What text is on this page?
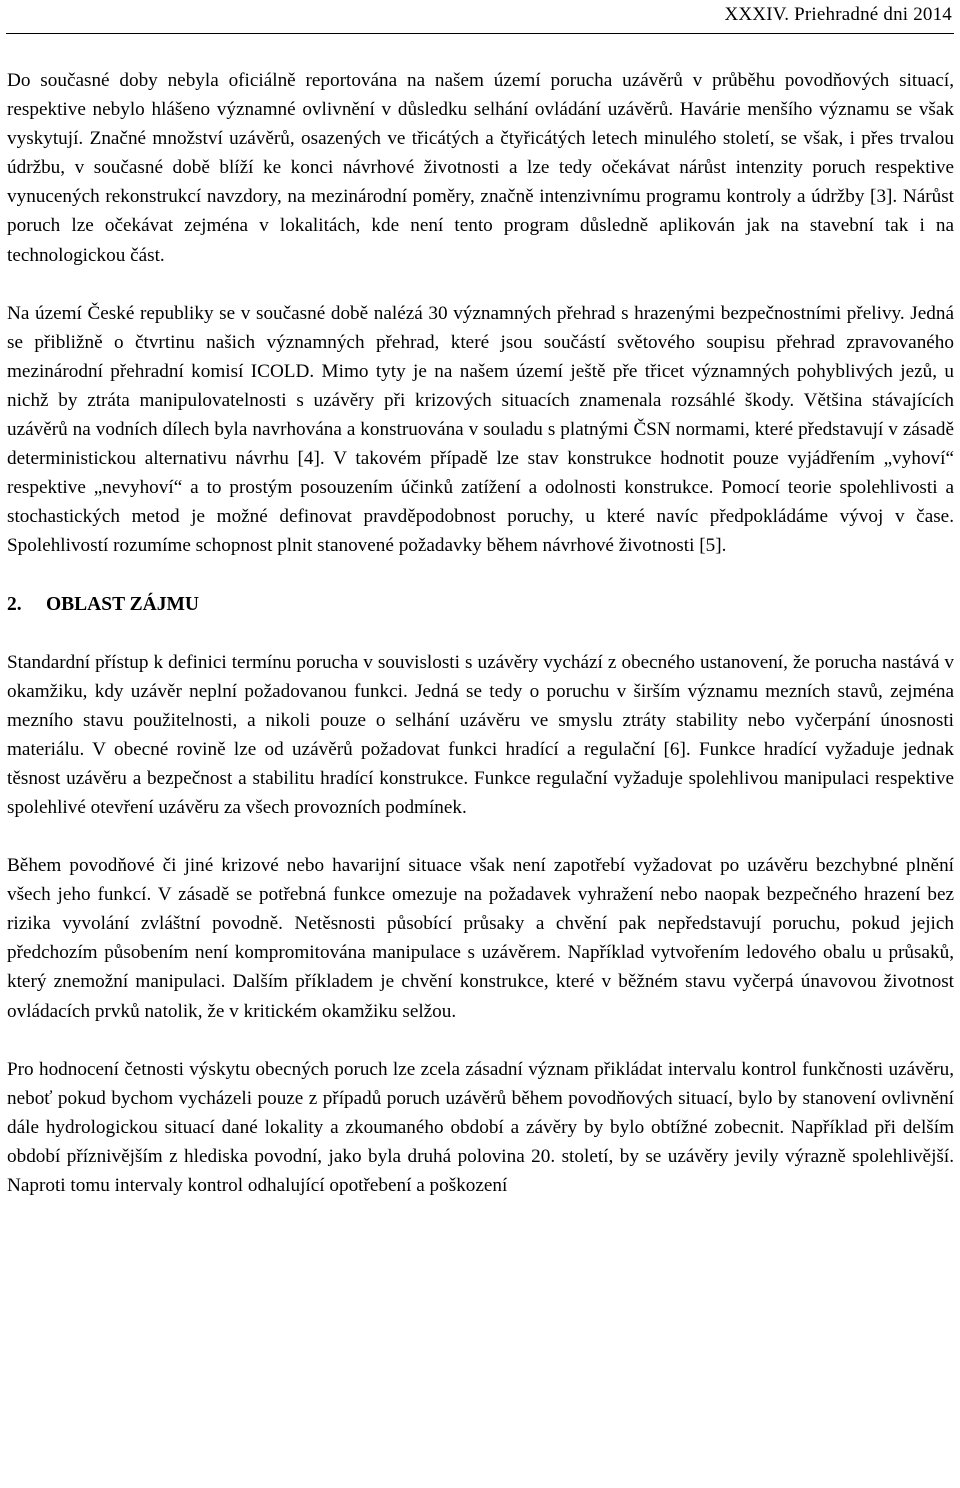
XXXIV. Priehradné dni 2014

Do současné doby nebyla oficiálně reportována na našem území porucha uzávěrů v průběhu povodňových situací, respektive nebylo hlášeno významné ovlivnění v důsledku selhání ovládání uzávěrů. Havárie menšího významu se však vyskytují. Značné množství uzávěrů, osazených ve třicátých a čtyřicátých letech minulého století, se však, i přes trvalou údržbu, v současné době blíží ke konci návrhové životnosti a lze tedy očekávat nárůst intenzity poruch respektive vynucených rekonstrukcí navzdory, na mezinárodní poměry, značně intenzivnímu programu kontroly a údržby [3]. Nárůst poruch lze očekávat zejména v lokalitách, kde není tento program důsledně aplikován jak na stavební tak i na technologickou část.

Na území České republiky se v současné době nalézá 30 významných přehrad s hrazenými bezpečnostními přelivy. Jedná se přibližně o čtvrtinu našich významných přehrad, které jsou součástí světového soupisu přehrad zpravovaného mezinárodní přehradní komisí ICOLD. Mimo tyty je na našem území ještě pře třicet významných pohyblivých jezů, u nichž by ztráta manipulovatelnosti s uzávěry při krizových situacích znamenala rozsáhlé škody. Většina stávajících uzávěrů na vodních dílech byla navrhována a konstruována v souladu s platnými ČSN normami, které představují v zásadě deterministickou alternativu návrhu [4]. V takovém případě lze stav konstrukce hodnotit pouze vyjádřením „vyhoví“ respektive „nevyhoví“ a to prostým posouzením účinků zatížení a odolnosti konstrukce. Pomocí teorie spolehlivosti a stochastických metod je možné definovat pravděpodobnost poruchy, u které navíc předpokládáme vývoj v čase. Spolehlivostí rozumíme schopnost plnit stanovené požadavky během návrhové životnosti [5].

2. OBLAST ZÁJMU

Standardní přístup k definici termínu porucha v souvislosti s uzávěry vychází z obecného ustanovení, že porucha nastává v okamžiku, kdy uzávěr neplní požadovanou funkci. Jedná se tedy o poruchu v širším významu mezních stavů, zejména mezního stavu použitelnosti, a nikoli pouze o selhání uzávěru ve smyslu ztráty stability nebo vyčerpání únosnosti materiálu. V obecné rovině lze od uzávěrů požadovat funkci hradící a regulační [6]. Funkce hradící vyžaduje jednak těsnost uzávěru a bezpečnost a stabilitu hradící konstrukce. Funkce regulační vyžaduje spolehlivou manipulaci respektive spolehlivé otevření uzávěru za všech provozních podmínek.

Během povodňové či jiné krizové nebo havarijní situace však není zapotřebí vyžadovat po uzávěru bezchybné plnění všech jeho funkcí. V zásadě se potřebná funkce omezuje na požadavek vyhražení nebo naopak bezpečného hrazení bez rizika vyvolání zvláštní povodně. Netěsnosti působící průsaky a chvění pak nepředstavují poruchu, pokud jejich předchozím působením není kompromitována manipulace s uzávěrem. Například vytvořením ledového obalu u průsaků, který znemožní manipulaci. Dalším příkladem je chvění konstrukce, které v běžném stavu vyčerpá únavovou životnost ovládacích prvků natolik, že v kritickém okamžiku selžou.

Pro hodnocení četnosti výskytu obecných poruch lze zcela zásadní význam přikládat intervalu kontrol funkčnosti uzávěru, neboť pokud bychom vycházeli pouze z případů poruch uzávěrů během povodňových situací, bylo by stanovení ovlivnění dále hydrologickou situací dané lokality a zkoumaného období a závěry by bylo obtížné zobecnit. Například při delším období příznivějším z hlediska povodní, jako byla druhá polovina 20. století, by se uzávěry jevily výrazně spolehlivější. Naproti tomu intervaly kontrol odhalující opotřebení a poškození
